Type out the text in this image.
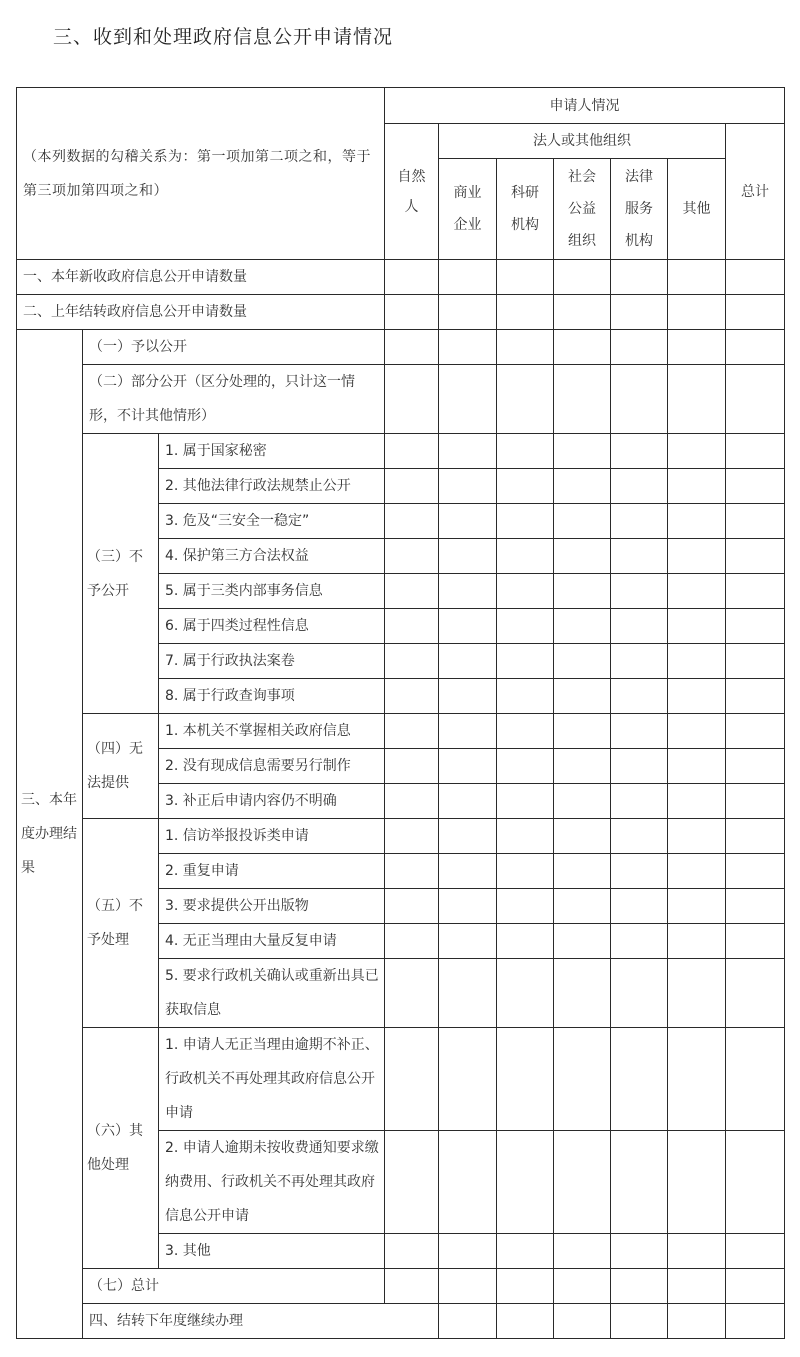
三、收到和处理政府信息公开申请情况
（本列数据的勾稽关系为：第一项加第二项之和，等于第三项加第四项之和）			申请人情况							
			自然人	法人或其他组织					总计	
				商业企业	科研机构	社会公益组织	法律服务机构	其他		
一、本年新收政府信息公开申请数量										
二、上年结转政府信息公开申请数量										
三、本年度办理结果	（一）予以公开									
	（二）部分公开（区分处理的，只计这一情形，不计其他情形）									
	（三）不予公开	1. 属于国家秘密								
		2. 其他法律行政法规禁止公开								
		3. 危及“三安全一稳定”								
		4. 保护第三方合法权益								
		5. 属于三类内部事务信息								
		6. 属于四类过程性信息								
		7. 属于行政执法案卷								
		8. 属于行政查询事项								
	（四）无法提供	1. 本机关不掌握相关政府信息								
		2. 没有现成信息需要另行制作								
		3. 补正后申请内容仍不明确								
	（五）不予处理	1. 信访举报投诉类申请								
		2. 重复申请								
		3. 要求提供公开出版物								
		4. 无正当理由大量反复申请								
		5. 要求行政机关确认或重新出具已获取信息								
	（六）其他处理	1. 申请人无正当理由逾期不补正、行政机关不再处理其政府信息公开申请								
		2. 申请人逾期未按收费通知要求缴纳费用、行政机关不再处理其政府信息公开申请								
		3. 其他								
	（七）总计									
	四、结转下年度继续办理									
